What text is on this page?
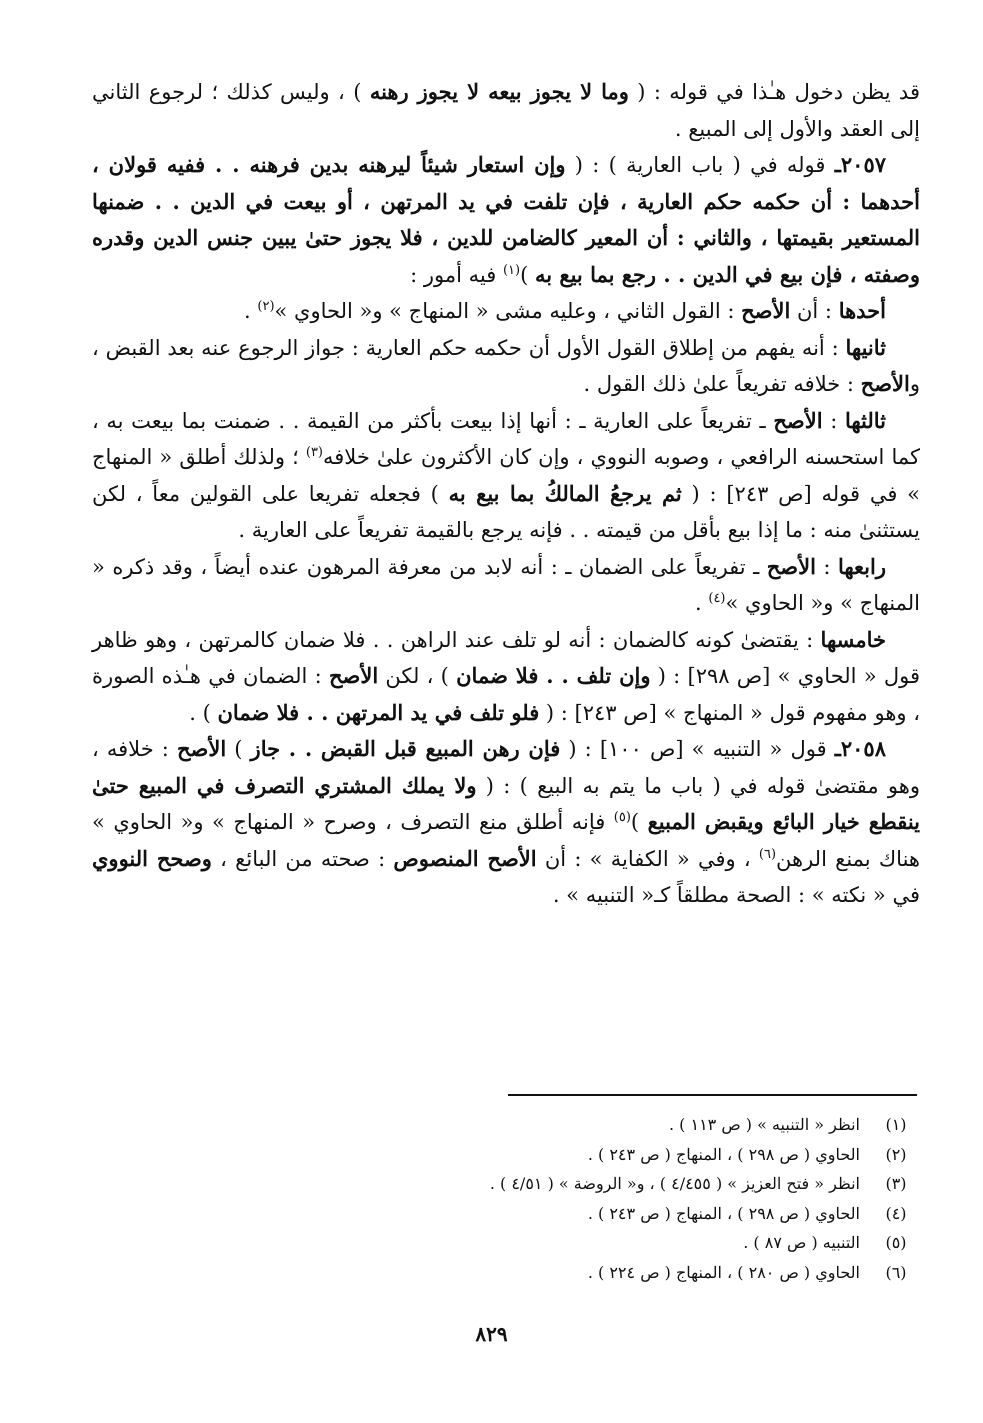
قد يظن دخول هـٰذا في قوله : ( وما لا يجوز بيعه لا يجوز رهنه ) ، وليس كذلك ؛ لرجوع الثاني إلى العقد والأول إلى المبيع .

٢٠٥٧ـ قوله في ( باب العارية ) : ( وإن استعار شيئاً ليرهنه بدين فرهنه . . ففيه قولان ، أحدهما : أن حكمه حكم العارية ، فإن تلفت في يد المرتهن ، أو بيعت في الدين . . ضمنها المستعير بقيمتها ، والثاني : أن المعير كالضامن للدين ، فلا يجوز حتىٰ يبين جنس الدين وقدره وصفته ، فإن بيع في الدين . . رجع بما بيع به )$^{(١)}$ فيه أمور :

أحدها : أن الأصح : القول الثاني ، وعليه مشى « المنهاج » و« الحاوي »$^{(٢)}$ .

ثانيها : أنه يفهم من إطلاق القول الأول أن حكمه حكم العارية : جواز الرجوع عنه بعد القبض ، والأصح : خلافه تفريعاً علىٰ ذلك القول .

ثالثها : الأصح ـ تفريعاً على العارية ـ : أنها إذا بيعت بأكثر من القيمة . . ضمنت بما بيعت به ، كما استحسنه الرافعي ، وصوبه النووي ، وإن كان الأكثرون علىٰ خلافه$^{(٣)}$ ؛ ولذلك أطلق « المنهاج » في قوله [ص ٢٤٣] : ( ثم يرجعُ المالكُ بما بيع به ) فجعله تفريعا على القولين معاً ، لكن يستثنىٰ منه : ما إذا بيع بأقل من قيمته . . فإنه يرجع بالقيمة تفريعاً على العارية .

رابعها : الأصح ـ تفريعاً على الضمان ـ : أنه لابد من معرفة المرهون عنده أيضاً ، وقد ذكره « المنهاج » و« الحاوي »$^{(٤)}$ .

خامسها : يقتضىٰ كونه كالضمان : أنه لو تلف عند الراهن . . فلا ضمان كالمرتهن ، وهو ظاهر قول « الحاوي » [ص ٢٩٨] : ( وإن تلف . . فلا ضمان ) ، لكن الأصح : الضمان في هـٰذه الصورة ، وهو مفهوم قول « المنهاج » [ص ٢٤٣] : ( فلو تلف في يد المرتهن . . فلا ضمان ) .

٢٠٥٨ـ قول « التنبيه » [ص ١٠٠] : ( فإن رهن المبيع قبل القبض . . جاز ) الأصح : خلافه ، وهو مقتضىٰ قوله في ( باب ما يتم به البيع ) : ( ولا يملك المشتري التصرف في المبيع حتىٰ ينقطع خيار البائع ويقبض المبيع )$^{(٥)}$ فإنه أطلق منع التصرف ، وصرح « المنهاج » و« الحاوي » هناك بمنع الرهن$^{(٦)}$ ، وفي « الكفاية » : أن الأصح المنصوص : صحته من البائع ، وصحح النووي في « نكته » : الصحة مطلقاً كـ« التنبيه » .

(١)
انظر « التنبيه » ( ص ١١٣ ) .
(٢)
الحاوي ( ص ٢٩٨ ) ، المنهاج ( ص ٢٤٣ ) .
(٣)
انظر « فتح العزيز » ( ٤/٤٥٥ ) ، و« الروضة » ( ٤/٥١ ) .
(٤)
الحاوي ( ص ٢٩٨ ) ، المنهاج ( ص ٢٤٣ ) .
(٥)
التنبيه ( ص ٨٧ ) .
(٦)
الحاوي ( ص ٢٨٠ ) ، المنهاج ( ص ٢٢٤ ) .
٨٢٩
